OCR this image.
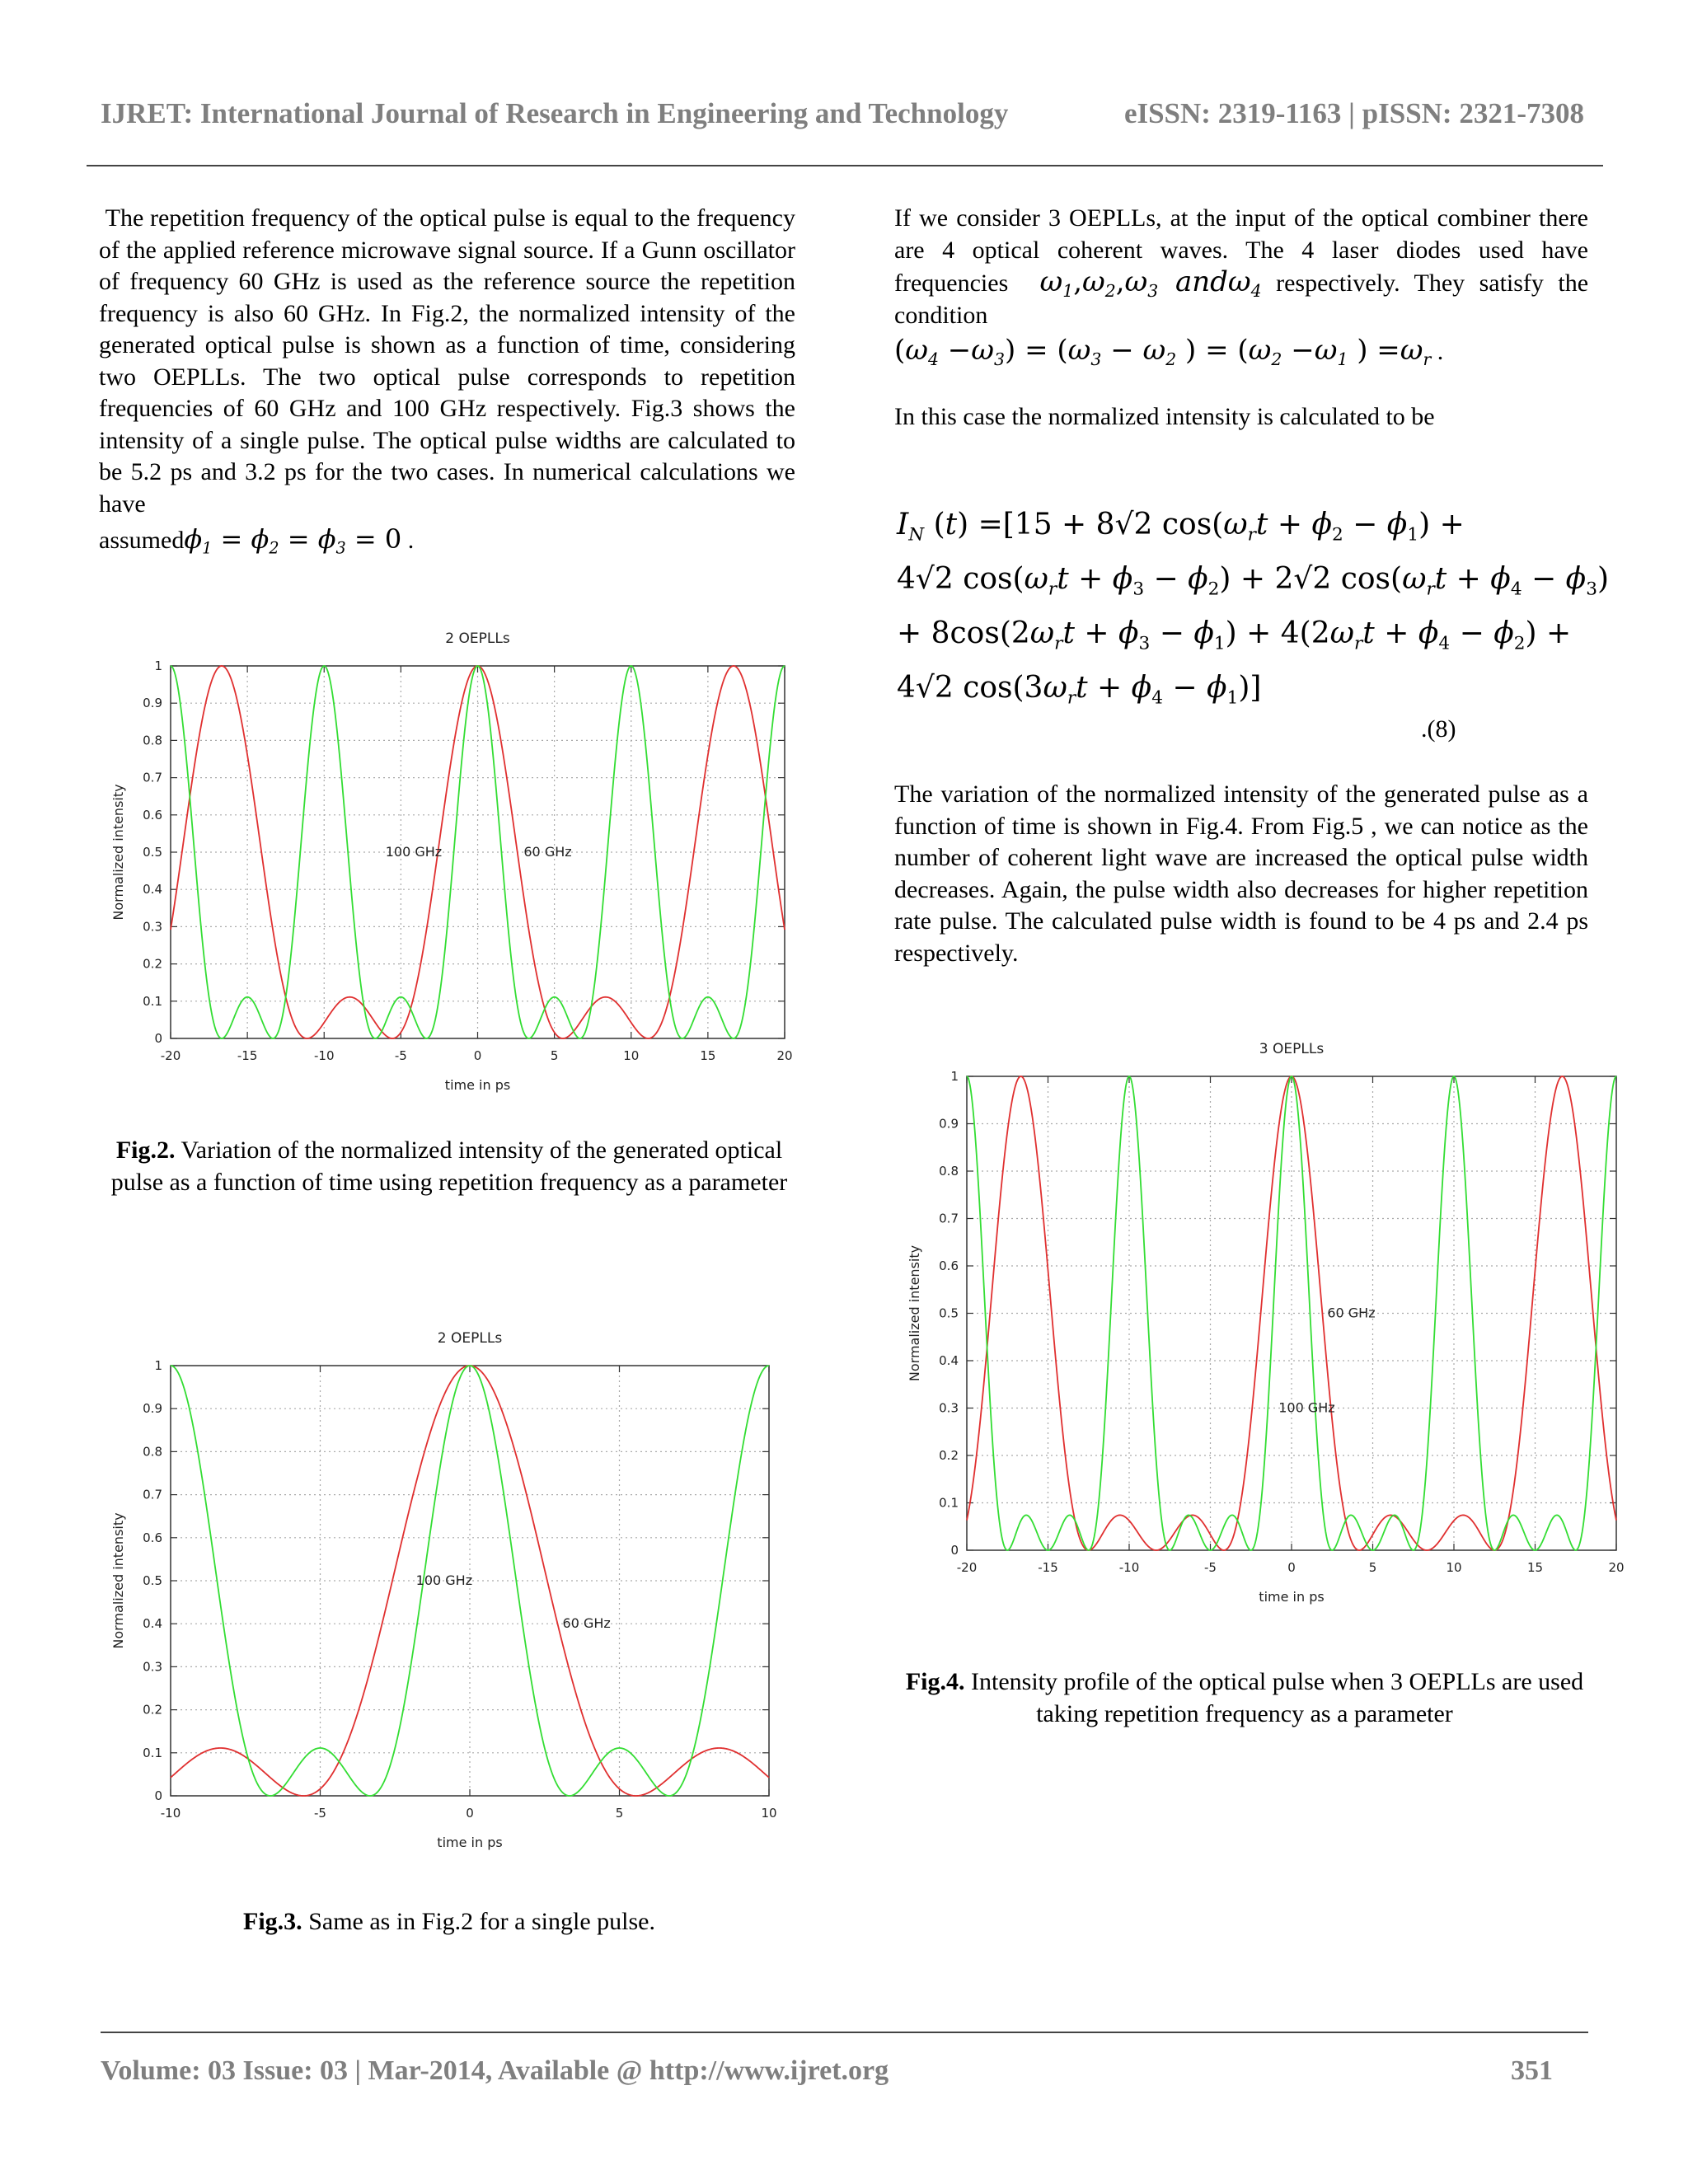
IJRET: International Journal of Research in Engineering and Technology	eISSN: 2319-1163 | pISSN: 2321-7308

The repetition frequency of the optical pulse is equal to the frequency of the applied reference microwave signal source. If a Gunn oscillator of frequency 60 GHz is used as the reference source the repetition frequency is also 60 GHz. In Fig.2, the normalized intensity of the generated optical pulse is shown as a function of time, considering two OEPLLs. The two optical pulse corresponds to repetition frequencies of 60 GHz and 100 GHz respectively. Fig.3 shows the intensity of a single pulse. The optical pulse widths are calculated to be 5.2 ps and 3.2 ps for the two cases. In numerical calculations we have

assumedϕ$_1$ = $\phi_2 = \phi_3 = 0$ .

If we consider 3 OEPLLs, at the input of the optical combiner there are 4 optical coherent waves. The 4 laser diodes used have frequencies  $\omega_1,\omega_2,\omega_3$ andω$_4$ respectively. They satisfy the condition

$(\omega_4 -\omega_3) = (\omega_3 - \omega_2$ ) = ($\omega_2 -\omega_1$ ) $=\omega_r$ .

In this case the normalized intensity is calculated to be

$I_N$ (t) =[15 + 8√2 $\cos(\omega_rt + \phi_2 - \phi_1)$ +
4√2 $\cos(\omega_rt + \phi_3 - \phi_2) + 2√2$ $\cos(\omega_rt + \phi_4 - \phi_3)$
+ $8\cos(2\omega_rt + \phi_3 - \phi_1) + 4(2\omega_rt + \phi_4 - \phi_2)$ +
4√2 $\cos(3\omega_rt + \phi_4 - \phi_1)$]
.(8)
The variation of the normalized intensity of the generated pulse as a function of time is shown in Fig.4. From Fig.5 , we can notice as the number of coherent light wave are increased the optical pulse width decreases. Again, the pulse width also decreases for higher repetition rate pulse. The calculated pulse width is found to be 4 ps and 2.4 ps respectively.
2 OEPLLs
0
0.1
0.2
0.3
0.4
0.5
0.6
0.7
0.8
0.9
1
-20	-15	-10	-5	0	5	10	15	20
time in ps
Normalized intensity	100 GHz	60 GHz
2 OEPLLs
0
0.1
0.2
0.3
0.4
0.5
0.6
0.7
0.8
0.9
1
-10	-5	0	5	10
time in ps
Normalized intensity	100 GHz
60 GHz
3 OEPLLs
0
0.1
0.2
0.3
0.4
0.5
0.6
0.7
0.8
0.9
1
-20	-15	-10	-5	0	5	10	15	20
time in ps
Normalized intensity	60 GHz
100 GHz
Fig.2. Variation of the normalized intensity of the generated optical pulse as a function of time using repetition frequency as a parameter
Fig.3. Same as in Fig.2 for a single pulse.
Fig.4. Intensity profile of the optical pulse when 3 OEPLLs are used taking repetition frequency as a parameter
Volume: 03 Issue: 03 | Mar-2014, Available @ http://www.ijret.org	351
